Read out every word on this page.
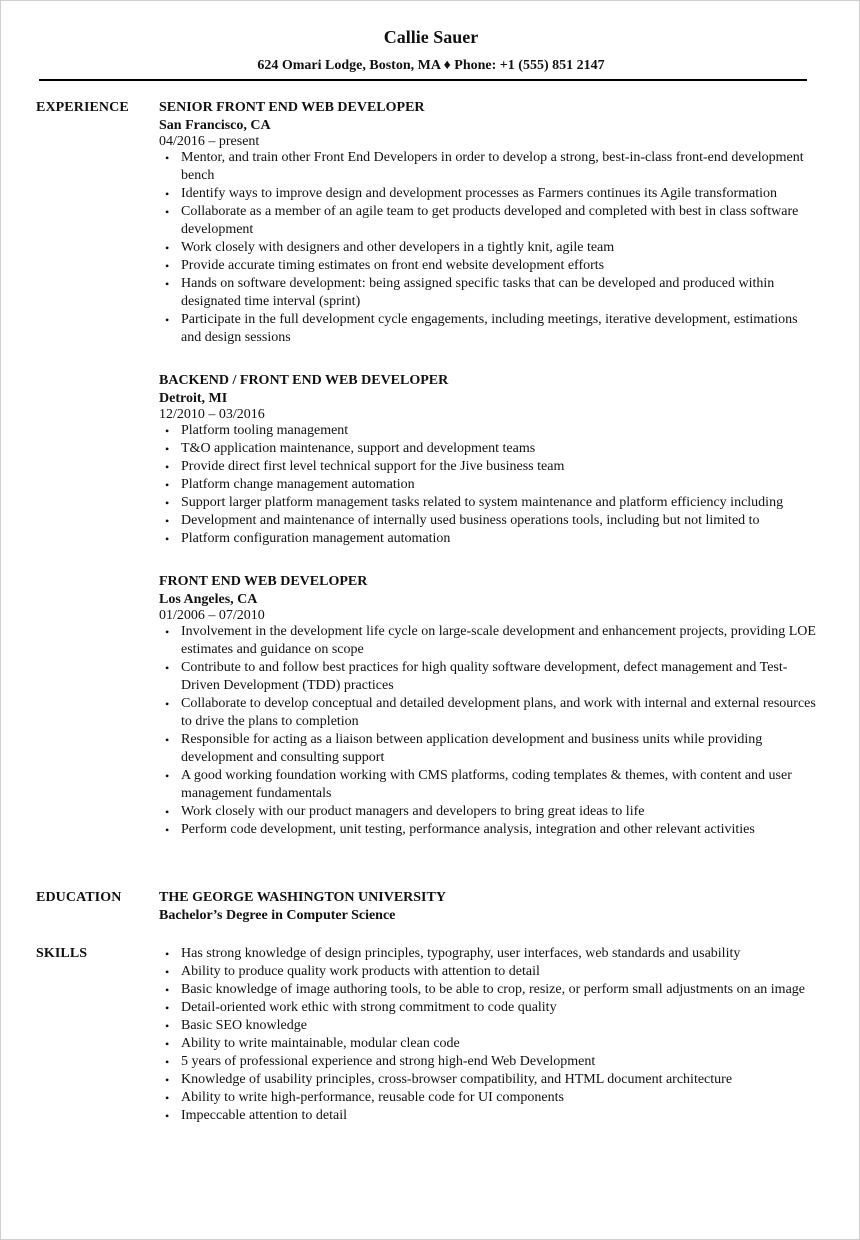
Callie Sauer
624 Omari Lodge, Boston, MA ♦ Phone: +1 (555) 851 2147
EXPERIENCE SENIOR FRONT END WEB DEVELOPER
San Francisco, CA
04/2016 – present
• Mentor, and train other Front End Developers in order to develop a strong, best-in-class front-end development bench
• Identify ways to improve design and development processes as Farmers continues its Agile transformation
• Collaborate as a member of an agile team to get products developed and completed with best in class software development
• Work closely with designers and other developers in a tightly knit, agile team
• Provide accurate timing estimates on front end website development efforts
• Hands on software development: being assigned specific tasks that can be developed and produced within designated time interval (sprint)
• Participate in the full development cycle engagements, including meetings, iterative development, estimations and design sessions
BACKEND / FRONT END WEB DEVELOPER
Detroit, MI
12/2010 – 03/2016
• Platform tooling management
• T&O application maintenance, support and development teams
• Provide direct first level technical support for the Jive business team
• Platform change management automation
• Support larger platform management tasks related to system maintenance and platform efficiency including
• Development and maintenance of internally used business operations tools, including but not limited to
• Platform configuration management automation
FRONT END WEB DEVELOPER
Los Angeles, CA
01/2006 – 07/2010
• Involvement in the development life cycle on large-scale development and enhancement projects, providing LOE estimates and guidance on scope
• Contribute to and follow best practices for high quality software development, defect management and Test-Driven Development (TDD) practices
• Collaborate to develop conceptual and detailed development plans, and work with internal and external resources to drive the plans to completion
• Responsible for acting as a liaison between application development and business units while providing development and consulting support
• A good working foundation working with CMS platforms, coding templates & themes, with content and user management fundamentals
• Work closely with our product managers and developers to bring great ideas to life
• Perform code development, unit testing, performance analysis, integration and other relevant activities
EDUCATION	THE GEORGE WASHINGTON UNIVERSITY
Bachelor’s Degree in Computer Science
SKILLS	• Has strong knowledge of design principles, typography, user interfaces, web standards and usability
• Ability to produce quality work products with attention to detail
• Basic knowledge of image authoring tools, to be able to crop, resize, or perform small adjustments on an image
• Detail-oriented work ethic with strong commitment to code quality
• Basic SEO knowledge
• Ability to write maintainable, modular clean code
• 5 years of professional experience and strong high-end Web Development
• Knowledge of usability principles, cross-browser compatibility, and HTML document architecture
• Ability to write high-performance, reusable code for UI components
• Impeccable attention to detail
